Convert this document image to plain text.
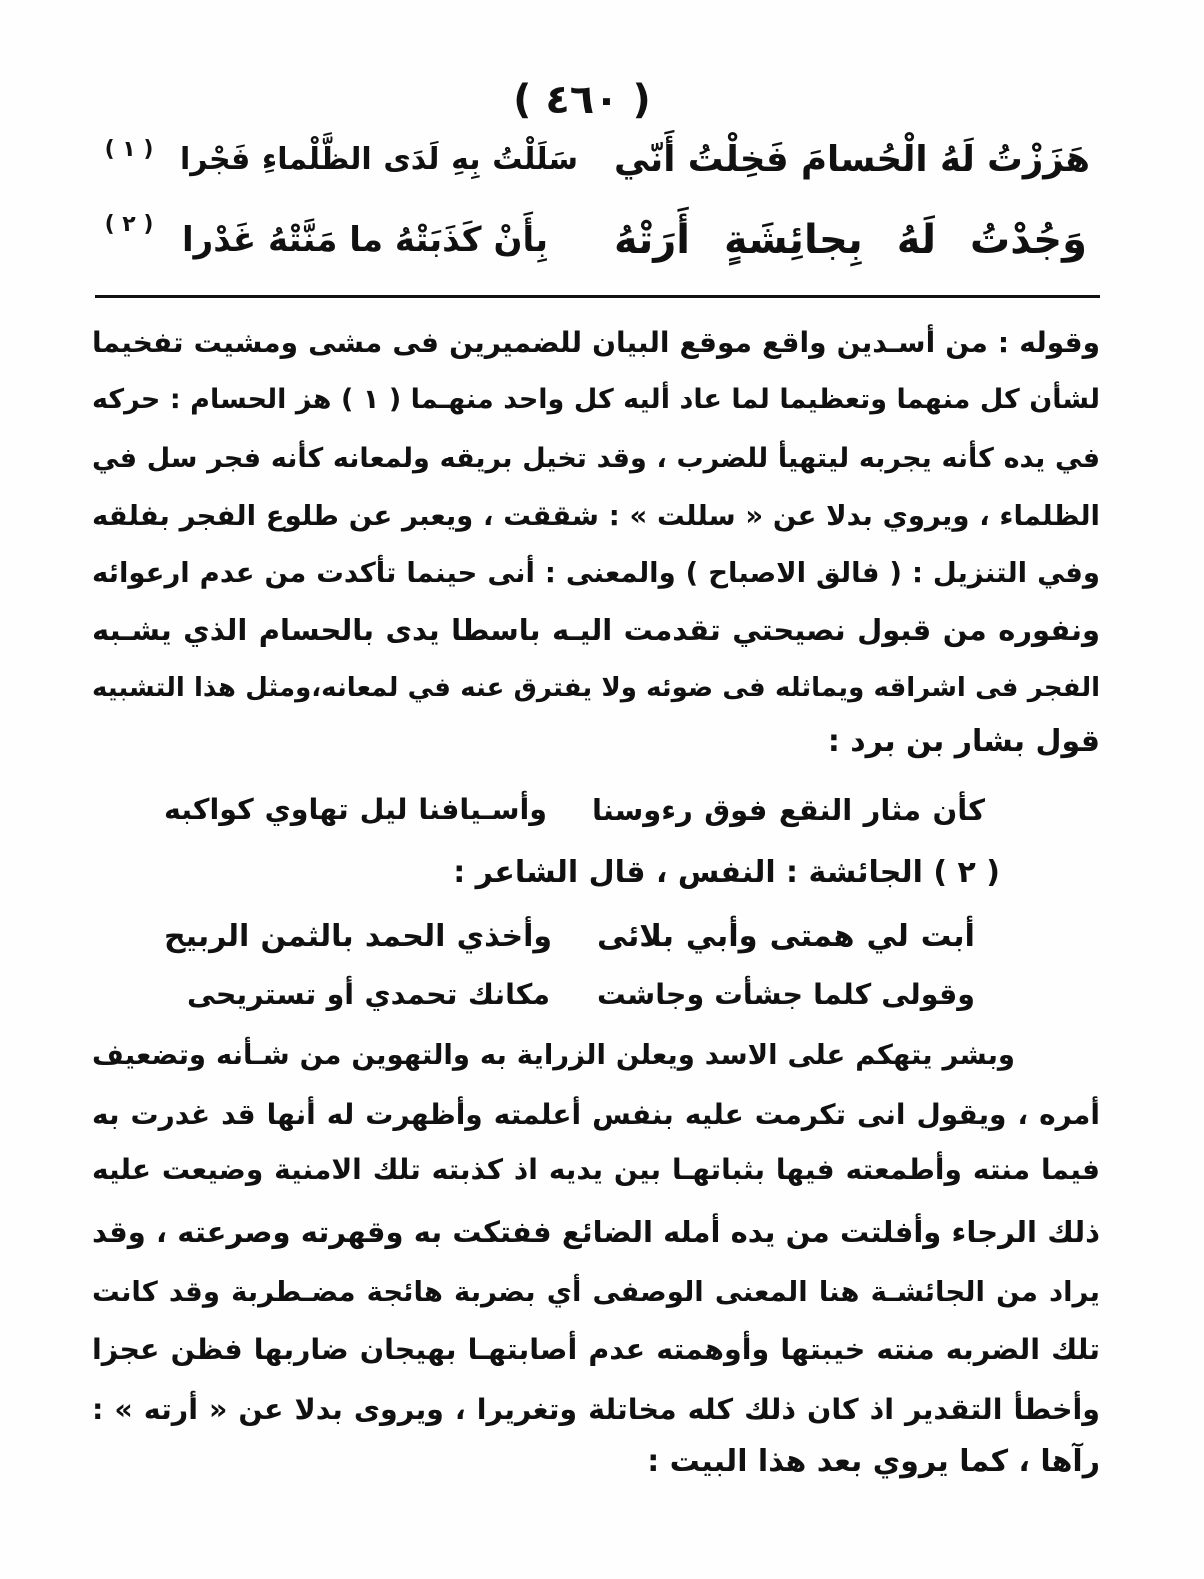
( ٤٦٠ )
هَزَزْتُ لَهُ الْحُسامَ فَخِلْتُ أَنّي
سَلَلْتُ بِهِ لَدَى الظَّلْماءِ فَجْرا
( ١ )
وَجُدْتُ لَهُ بِجائِشَةٍ أَرَتْهُ
بِأَنْ كَذَبَتْهُ ما مَنَّتْهُ غَدْرا
( ٢ )
وقوله : من أسـدين واقع موقع البيان للضميرين فى مشى ومشيت تفخيما
لشأن كل منهما وتعظيما لما عاد أليه كل واحد منهـما ( ١ ) هز الحسام : حركه
في يده كأنه يجربه ليتهيأ للضرب ، وقد تخيل بريقه ولمعانه كأنه فجر سل في
الظلماء ، ويروي بدلا عن « سللت » : شققت ، ويعبر عن طلوع الفجر بفلقه
وفي التنزيل : ( فالق الاصباح ) والمعنى : أنى حينما تأكدت من عدم ارعوائه
ونفوره من قبول نصيحتي تقدمت اليـه باسطا يدى بالحسام الذي يشـبه
الفجر فى اشراقه ويماثله فى ضوئه ولا يفترق عنه في لمعانه،ومثل هذا التشبيه
قول بشار بن برد :
كأن مثار النقع فوق رءوسنا
وأسـيافنا ليل تهاوي كواكبه
( ٢ ) الجائشة : النفس ، قال الشاعر :
أبت لي همتى وأبي بلائى
وأخذي الحمد بالثمن الربيح
وقولى كلما جشأت وجاشت
مكانك تحمدي أو تستريحى
وبشر يتهكم على الاسد ويعلن الزراية به والتهوين من شـأنه وتضعيف
أمره ، ويقول انى تكرمت عليه بنفس أعلمته وأظهرت له أنها قد غدرت به
فيما منته وأطمعته فيها بثباتهـا بين يديه اذ كذبته تلك الامنية وضيعت عليه
ذلك الرجاء وأفلتت من يده أمله الضائع ففتكت به وقهرته وصرعته ، وقد
يراد من الجائشـة هنا المعنى الوصفى أي بضربة هائجة مضـطربة وقد كانت
تلك الضربه منته خيبتها وأوهمته عدم أصابتهـا بهيجان ضاربها فظن عجزا
وأخطأ التقدير اذ كان ذلك كله مخاتلة وتغريرا ، ويروى بدلا عن « أرته » :
رآها ، كما يروي بعد هذا البيت :
